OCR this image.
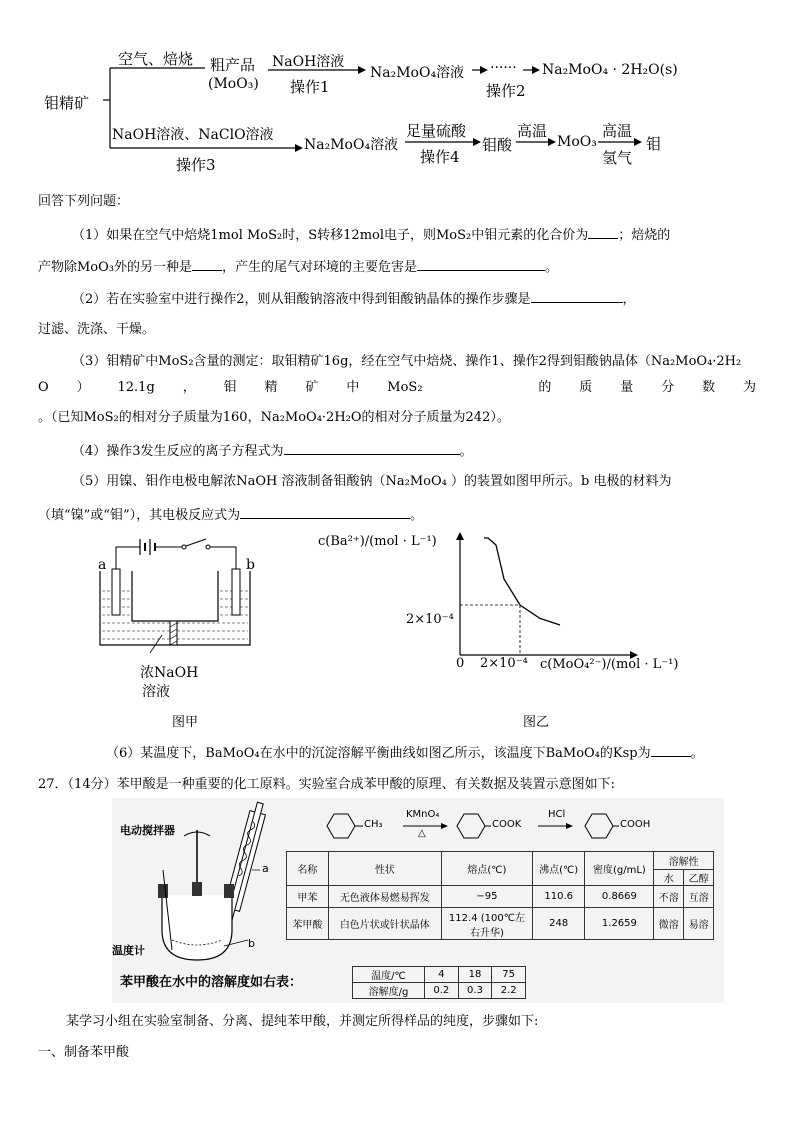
钼精矿
空气、焙烧 粗产品
(MoO₃)
NaOH溶液
操作1
Na₂MoO₄溶液 ······ Na₂MoO₄ · 2H₂O(s)
操作2
NaOH溶液、NaClO溶液
操作3
Na₂MoO₄溶液
足量硫酸
操作4
钼酸
高温
MoO₃
高温
氢气
钼
回答下列问题：
（1）如果在空气中焙烧1mol MoS₂时，S转移12mol电子，则MoS₂中钼元素的化合价为 ；焙烧的
产物除MoO₃外的另一种是 ，产生的尾气对环境的主要危害是	。
（2）若在实验室中进行操作2，则从钼酸钠溶液中得到钼酸钠晶体的操作步骤是	，
过滤、洗涤、干燥。
（3）钼精矿中MoS₂含量的测定：取钼精矿16g，经在空气中焙烧、操作1、操作2得到钼酸钠晶体（Na₂MoO₄·2H₂
O ） 12.1g ， 钼 精 矿 中 MoS₂	的 质 量 分 数 为
。（已知MoS₂的相对分子质量为160，Na₂MoO₄·2H₂O的相对分子质量为242）。
（4）操作3发生反应的离子方程式为	。
（5）用镍、钼作电极电解浓NaOH 溶液制备钼酸钠（Na₂MoO₄ ）的装置如图甲所示。b 电极的材料为
（填“镍”或“钼”），其电极反应式为	。
a	b
浓NaOH
溶液
图甲
c(Ba²⁺)/(mol · L⁻¹)
2×10⁻⁴
0 2×10⁻⁴ c(MoO₄²⁻)/(mol · L⁻¹)
图乙
（6）某温度下，BaMoO₄在水中的沉淀溶解平衡曲线如图乙所示，该温度下BaMoO₄的Ksp为	。
27．（14分）苯甲酸是一种重要的化工原料。实验室合成苯甲酸的原理、有关数据及装置示意图如下:
电动搅拌器
温度计
a
b
CH₃
KMnO₄
△
COOK
HCl
COOH
名称	性状	熔点(℃)	沸点(℃)	密度(g/mL)	溶解性	
					水	乙醇
甲苯	无色液体易燃易挥发	−95	110.6	0.8669	不溶	互溶
苯甲酸	白色片状或针状晶体	112.4 (100℃左右升华)	248	1.2659	微溶	易溶
苯甲酸在水中的溶解度如右表：	温度/℃	4	18	75
溶解度/g	0.2	0.3	2.2
某学习小组在实验室制备、分离、提纯苯甲酸，并测定所得样品的纯度，步骤如下:
一、制备苯甲酸
